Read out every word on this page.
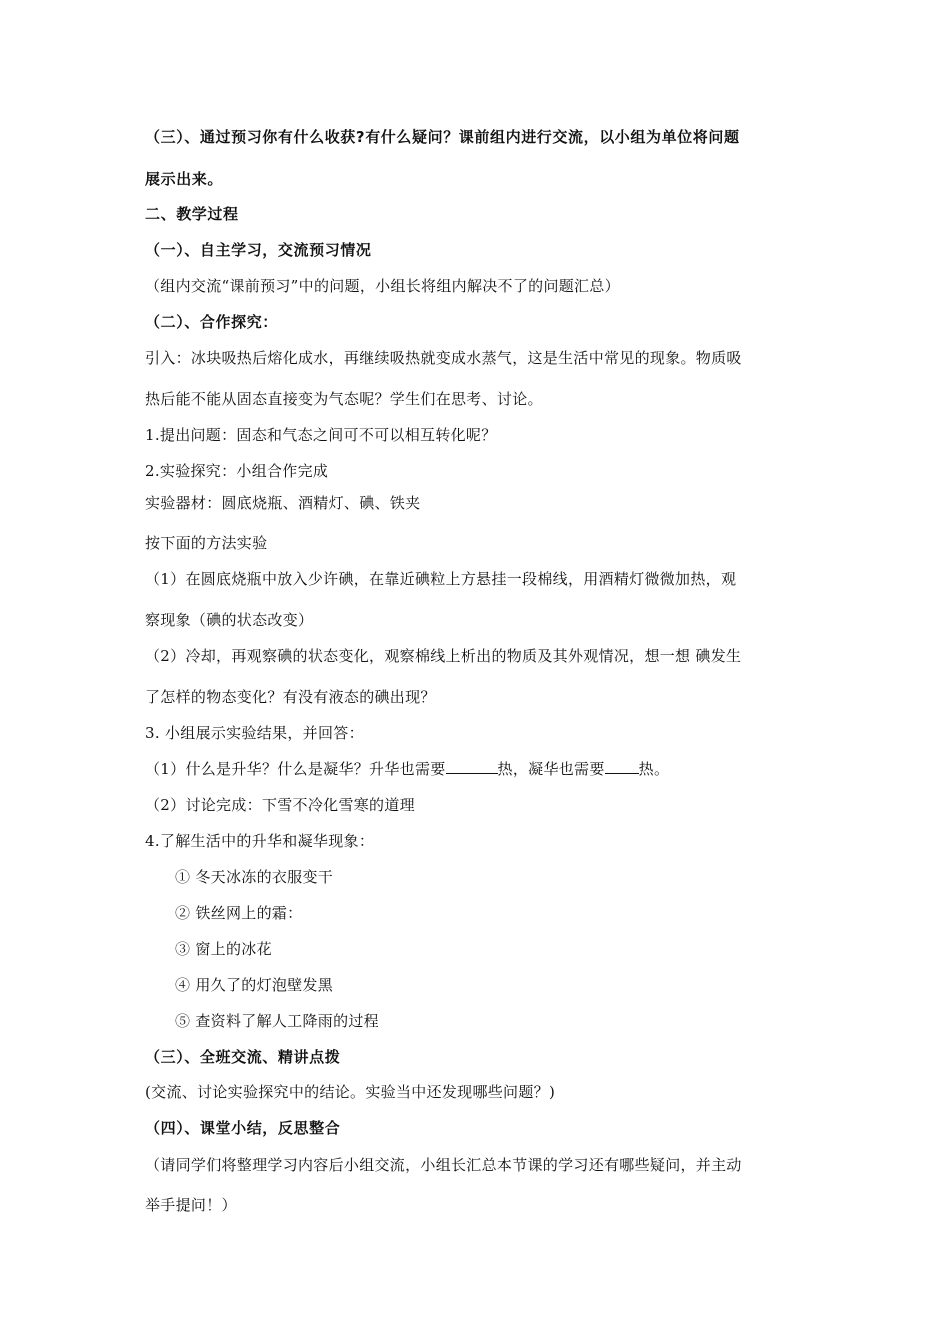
（三）、通过预习你有什么收获?有什么疑问？课前组内进行交流，以小组为单位将问题
展示出来。
二、教学过程
（一）、自主学习，交流预习情况
（组内交流“课前预习”中的问题，小组长将组内解决不了的问题汇总）
（二）、合作探究：
引入：冰块吸热后熔化成水，再继续吸热就变成水蒸气，这是生活中常见的现象。物质吸
热后能不能从固态直接变为气态呢？学生们在思考、讨论。
1.提出问题：固态和气态之间可不可以相互转化呢？
2.实验探究：小组合作完成
实验器材：圆底烧瓶、酒精灯、碘、铁夹
按下面的方法实验
（1）在圆底烧瓶中放入少许碘，在靠近碘粒上方悬挂一段棉线，用酒精灯微微加热，观
察现象（碘的状态改变）
（2）冷却，再观察碘的状态变化，观察棉线上析出的物质及其外观情况，想一想 碘发生
了怎样的物态变化？有没有液态的碘出现？
3. 小组展示实验结果，并回答：
（1）什么是升华？什么是凝华？升华也需要	热，凝华也需要 热。
（2）讨论完成：下雪不冷化雪寒的道理
4.了解生活中的升华和凝华现象：
① 冬天冰冻的衣服变干
② 铁丝网上的霜：
③ 窗上的冰花
④ 用久了的灯泡壁发黑
⑤ 查资料了解人工降雨的过程
（三）、全班交流、精讲点拨
(交流、讨论实验探究中的结论。实验当中还发现哪些问题？)
（四）、课堂小结，反思整合
（请同学们将整理学习内容后小组交流，小组长汇总本节课的学习还有哪些疑问，并主动
举手提问！）
